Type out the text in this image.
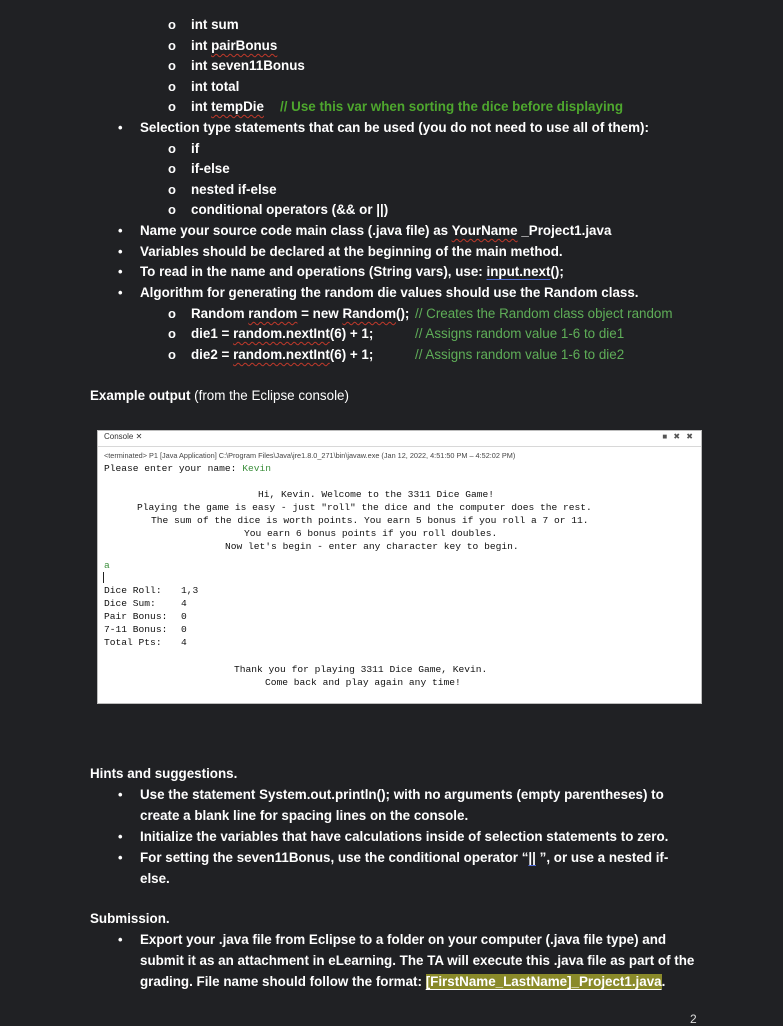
o int sum
o int pairBonus
o int seven11Bonus
o int total
o int tempDie // Use this var when sorting the dice before displaying
• Selection type statements that can be used (you do not need to use all of them):
o if
o if-else
o nested if-else
o conditional operators (&& or ||)
• Name your source code main class (.java file) as YourName _Project1.java
• Variables should be declared at the beginning of the main method.
• To read in the name and operations (String vars), use: input.next();
• Algorithm for generating the random die values should use the Random class.
o Random random = new Random(); // Creates the Random class object random
o die1 = random.nextInt(6) + 1;	// Assigns random value 1-6 to die1
o die2 = random.nextInt(6) + 1;	// Assigns random value 1-6 to die2
Example output (from the Eclipse console)
Console ✕	■ ✖ ✖
<terminated> P1 [Java Application] C:\Program Files\Java\jre1.8.0_271\bin\javaw.exe (Jan 12, 2022, 4:51:50 PM – 4:52:02 PM)
Please enter your name: Kevin
Hi, Kevin. Welcome to the 3311 Dice Game!
Playing the game is easy - just "roll" the dice and the computer does the rest.
The sum of the dice is worth points. You earn 5 bonus if you roll a 7 or 11.
You earn 6 bonus points if you roll doubles.
Now let's begin - enter any character key to begin.
a
Dice Roll: 1,3
Dice Sum:	4
Pair Bonus: 0
7-11 Bonus: 0
Total Pts: 4
Thank you for playing 3311 Dice Game, Kevin.
Come back and play again any time!
Hints and suggestions.
• Use the statement System.out.println(); with no arguments (empty parentheses) to
create a blank line for spacing lines on the console.
• Initialize the variables that have calculations inside of selection statements to zero.
• For setting the seven11Bonus, use the conditional operator “|| ”, or use a nested if-
else.
Submission.
• Export your .java file from Eclipse to a folder on your computer (.java file type) and
submit it as an attachment in eLearning. The TA will execute this .java file as part of the
grading. File name should follow the format: [FirstName_LastName]_Project1.java.
2
